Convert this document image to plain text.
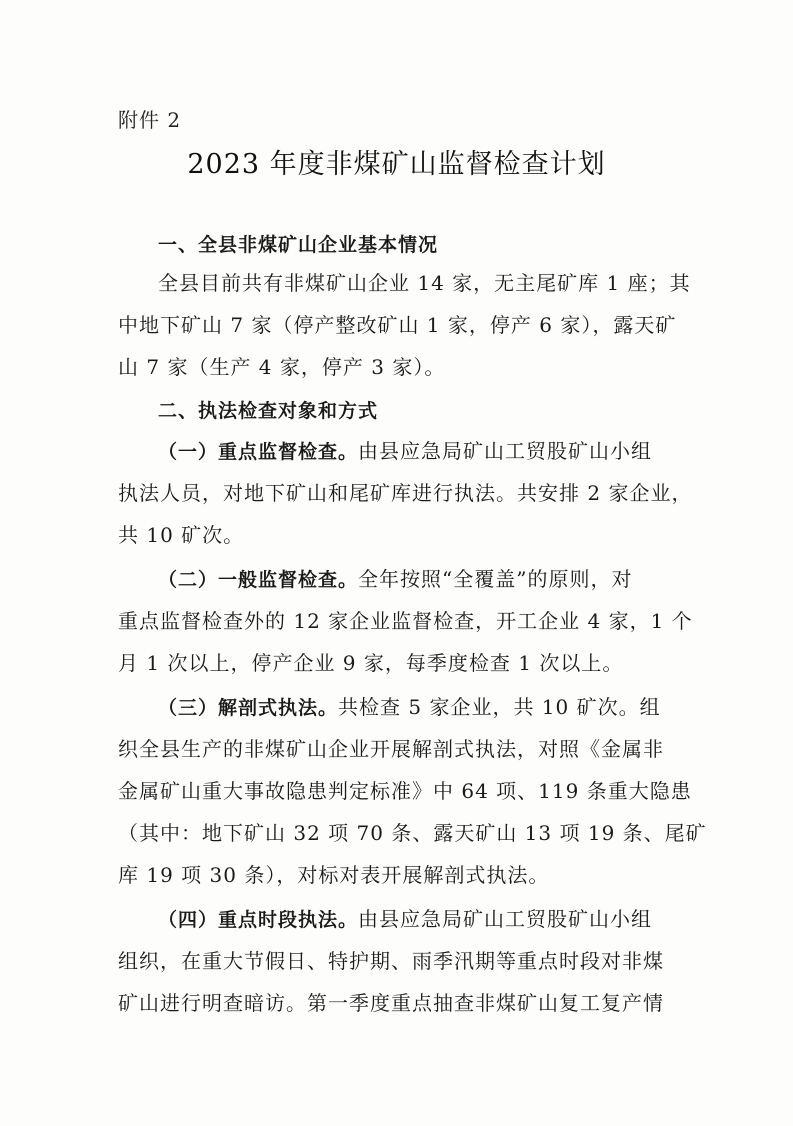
附件 2
2023 年度非煤矿山监督检查计划
一、全县非煤矿山企业基本情况
全县目前共有非煤矿山企业 14 家，无主尾矿库 1 座；其
中地下矿山 7 家（停产整改矿山 1 家，停产 6 家），露天矿
山 7 家（生产 4 家，停产 3 家）。
二、执法检查对象和方式
（一）重点监督检查。由县应急局矿山工贸股矿山小组
执法人员，对地下矿山和尾矿库进行执法。共安排 2 家企业，
共 10 矿次。
（二）一般监督检查。全年按照“全覆盖”的原则，对
重点监督检查外的 12 家企业监督检查，开工企业 4 家，1 个
月 1 次以上，停产企业 9 家，每季度检查 1 次以上。
（三）解剖式执法。共检查 5 家企业，共 10 矿次。组
织全县生产的非煤矿山企业开展解剖式执法，对照《金属非
金属矿山重大事故隐患判定标准》中 64 项、119 条重大隐患
（其中：地下矿山 32 项 70 条、露天矿山 13 项 19 条、尾矿
库 19 项 30 条），对标对表开展解剖式执法。
（四）重点时段执法。由县应急局矿山工贸股矿山小组
组织，在重大节假日、特护期、雨季汛期等重点时段对非煤
矿山进行明查暗访。第一季度重点抽查非煤矿山复工复产情
